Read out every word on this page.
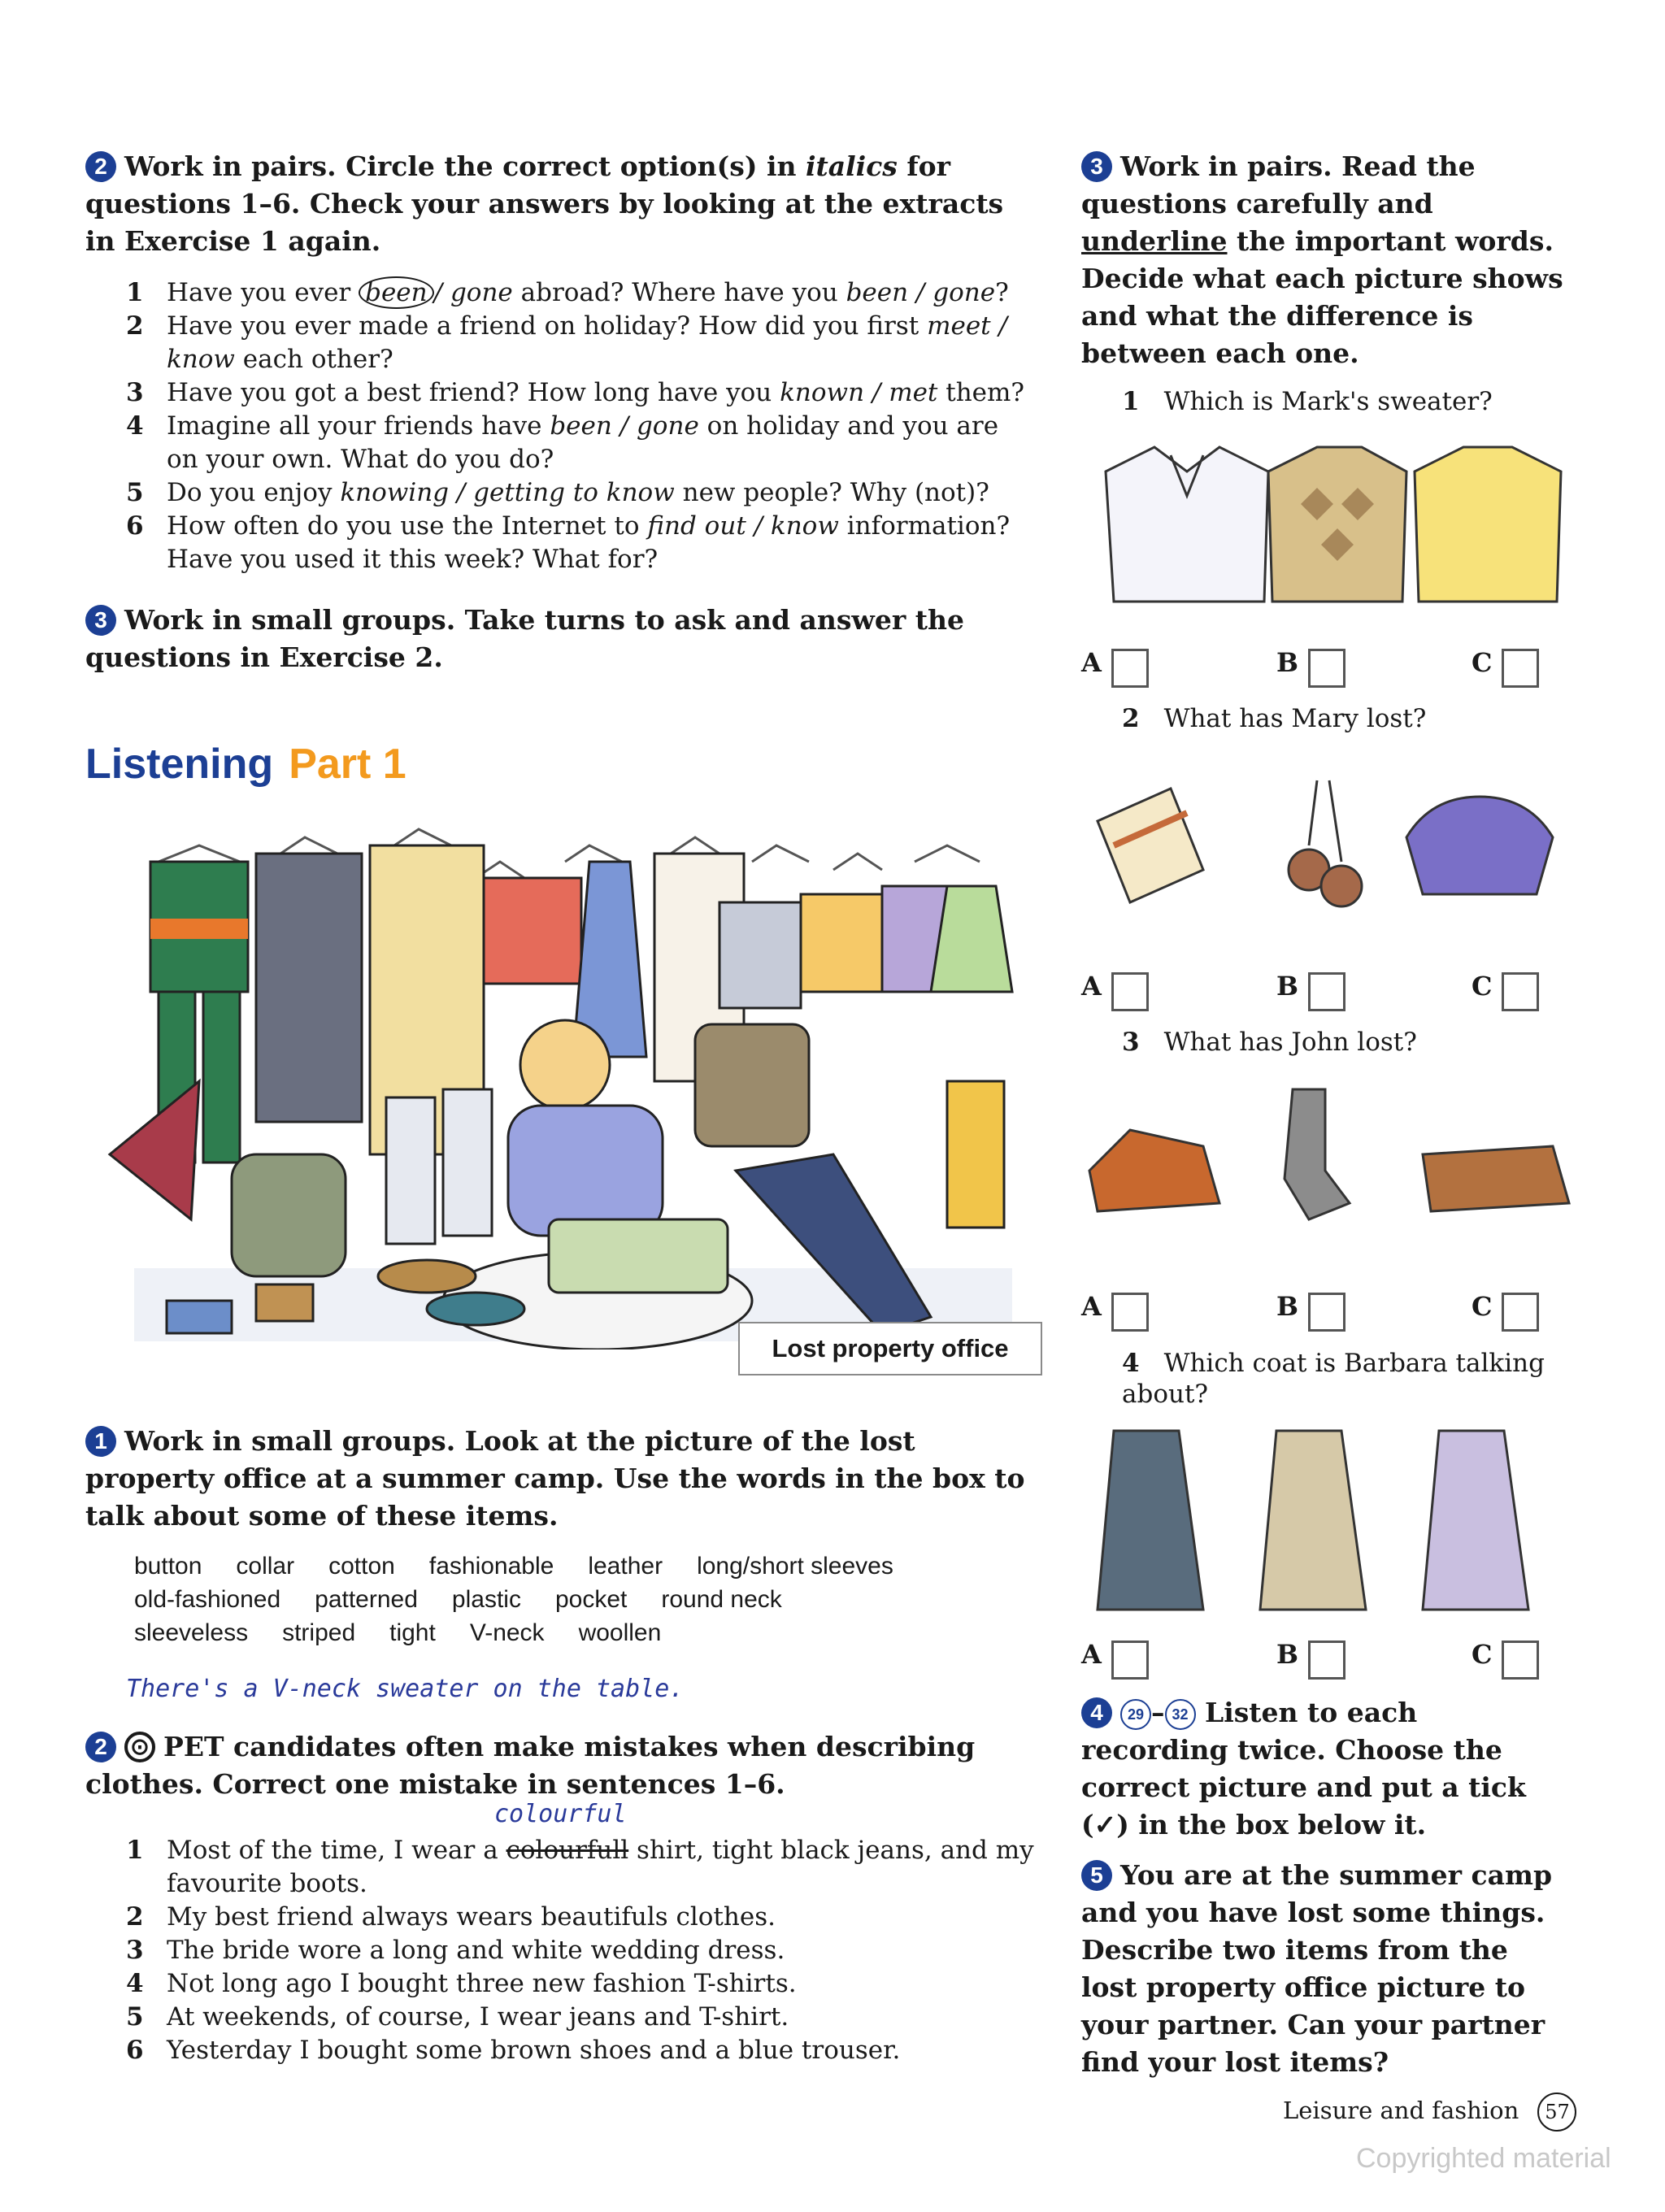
2 Work in pairs. Circle the correct option(s) in italics for questions 1–6. Check your answers by looking at the extracts in Exercise 1 again.
1 Have you ever been / gone abroad? Where have you been / gone?
2 Have you ever made a friend on holiday? How did you first meet / know each other?
3 Have you got a best friend? How long have you known / met them?
4 Imagine all your friends have been / gone on holiday and you are on your own. What do you do?
5 Do you enjoy knowing / getting to know new people? Why (not)?
6 How often do you use the Internet to find out / know information? Have you used it this week? What for?
3 Work in small groups. Take turns to ask and answer the questions in Exercise 2.
Listening Part 1
Lost property office
1 Work in small groups. Look at the picture of the lost property office at a summer camp. Use the words in the box to talk about some of these items.
button collar cotton fashionable leather long/short sleeves
old-fashioned patterned plastic pocket round neck
sleeveless striped tight V-neck woollen
There's a V-neck sweater on the table.
2 ⊙ PET candidates often make mistakes when describing clothes. Correct one mistake in sentences 1–6.
colourful
1 Most of the time, I wear a colourfull shirt, tight black jeans, and my favourite boots.
2 My best friend always wears beautifuls clothes.
3 The bride wore a long and white wedding dress.
4 Not long ago I bought three new fashion T-shirts.
5 At weekends, of course, I wear jeans and T-shirt.
6 Yesterday I bought some brown shoes and a blue trouser.
3 Work in pairs. Read the questions carefully and underline the important words. Decide what each picture shows and what the difference is between each one.
1 Which is Mark's sweater?
A	B	C
2 What has Mary lost?
A	B	C
3 What has John lost?
A	B	C
4 Which coat is Barbara talking about?
A	B	C
4 29 – 32 Listen to each recording twice. Choose the correct picture and put a tick (✓) in the box below it.
5 You are at the summer camp and you have lost some things. Describe two items from the lost property office picture to your partner. Can your partner find your lost items?
Leisure and fashion 57
Copyrighted material
